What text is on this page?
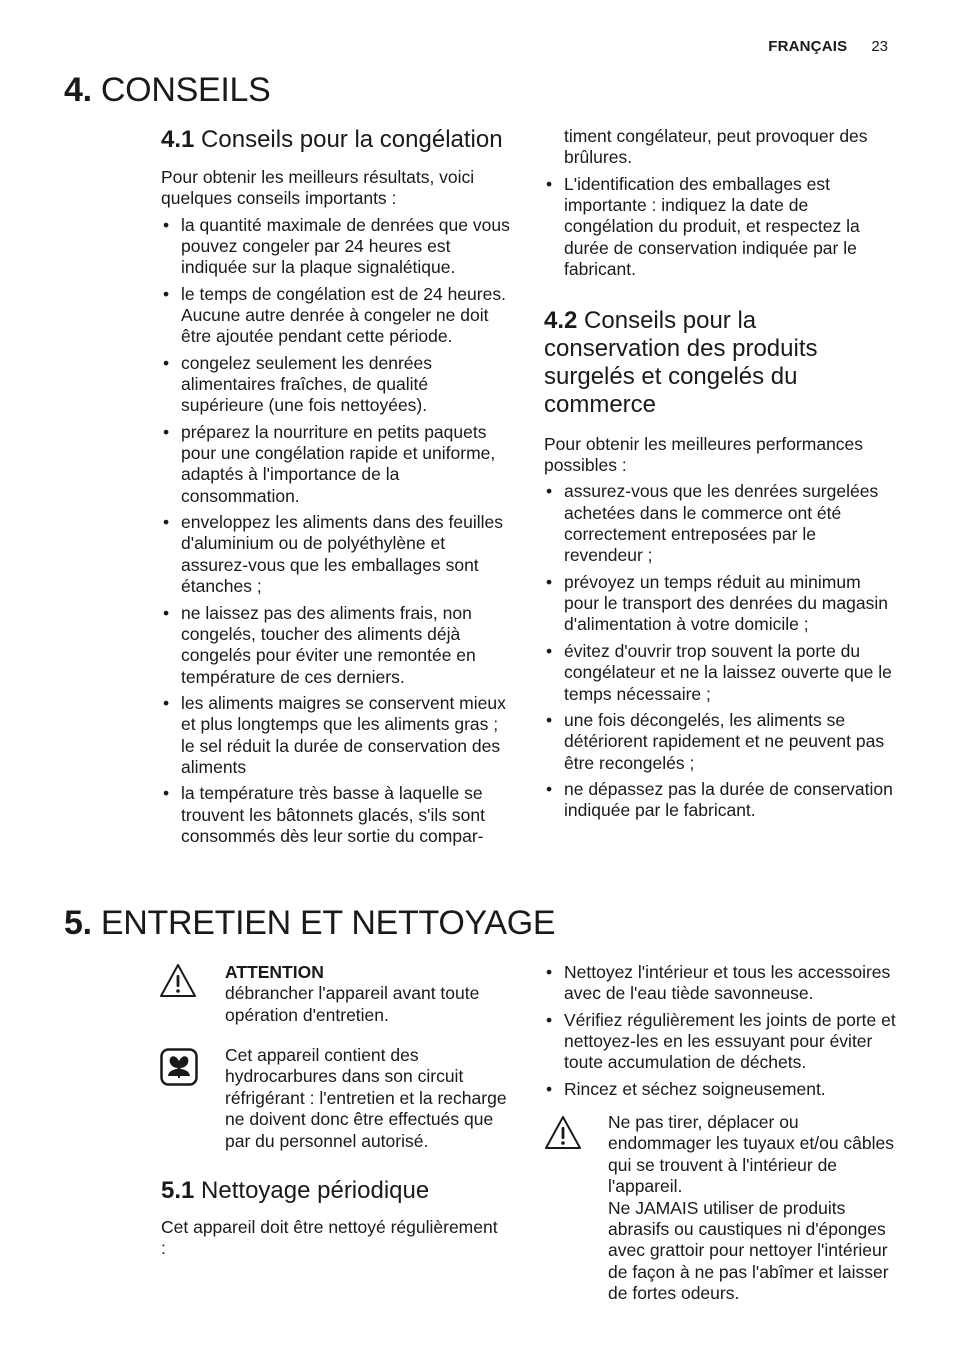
FRANÇAIS 23
4. CONSEILS
4.1 Conseils pour la congélation

Pour obtenir les meilleurs résultats, voici quelques conseils importants :

• la quantité maximale de denrées que vous pouvez congeler par 24 heures est indiquée sur la plaque signalétique.
• le temps de congélation est de 24 heures. Aucune autre denrée à congeler ne doit être ajoutée pendant cette période.
• congelez seulement les denrées alimentaires fraîches, de qualité supérieure (une fois nettoyées).
• préparez la nourriture en petits paquets pour une congélation rapide et uniforme, adaptés à l'importance de la consommation.
• enveloppez les aliments dans des feuilles d'aluminium ou de polyéthylène et assurez-vous que les emballages sont étanches ;
• ne laissez pas des aliments frais, non congelés, toucher des aliments déjà congelés pour éviter une remontée en température de ces derniers.
• les aliments maigres se conservent mieux et plus longtemps que les aliments gras ; le sel réduit la durée de conservation des aliments
• la température très basse à laquelle se trouvent les bâtonnets glacés, s'ils sont consommés dès leur sortie du compar-

timent congélateur, peut provoquer des brûlures.

• L'identification des emballages est importante : indiquez la date de congélation du produit, et respectez la durée de conservation indiquée par le fabricant.
4.2 Conseils pour la conservation des produits surgelés et congelés du commerce

Pour obtenir les meilleures performances possibles :

• assurez-vous que les denrées surgelées achetées dans le commerce ont été correctement entreposées par le revendeur ;
• prévoyez un temps réduit au minimum pour le transport des denrées du magasin d'alimentation à votre domicile ;
• évitez d'ouvrir trop souvent la porte du congélateur et ne la laissez ouverte que le temps nécessaire ;
• une fois décongelés, les aliments se détériorent rapidement et ne peuvent pas être recongelés ;
• ne dépassez pas la durée de conservation indiquée par le fabricant.
5. ENTRETIEN ET NETTOYAGE
ATTENTION
débrancher l'appareil avant toute opération d'entretien.
Cet appareil contient des hydrocarbures dans son circuit réfrigérant : l'entretien et la recharge ne doivent donc être effectués que par du personnel autorisé.
5.1 Nettoyage périodique

Cet appareil doit être nettoyé régulièrement :

• Nettoyez l'intérieur et tous les accessoires avec de l'eau tiède savonneuse.
• Vérifiez régulièrement les joints de porte et nettoyez-les en les essuyant pour éviter toute accumulation de déchets.
• Rincez et séchez soigneusement.
Ne pas tirer, déplacer ou endommager les tuyaux et/ou câbles qui se trouvent à l'intérieur de l'appareil.
Ne JAMAIS utiliser de produits abrasifs ou caustiques ni d'éponges avec grattoir pour nettoyer l'intérieur de façon à ne pas l'abîmer et laisser de fortes odeurs.
